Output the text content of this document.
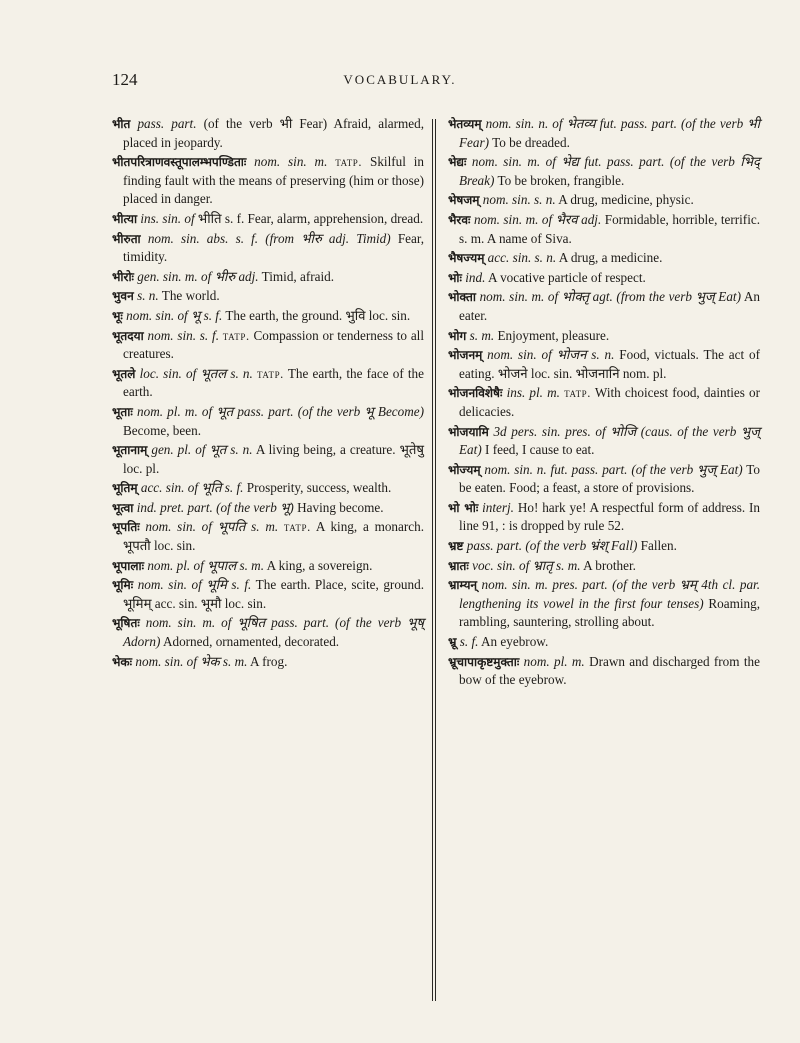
124	VOCABULARY.

भीत pass. part. (of the verb भी Fear) Afraid, alarmed, placed in jeopardy.

भीतपरित्राणवस्तूपालम्भपण्डिताः nom. sin. m. tatp. Skilful in finding fault with the means of preserving (him or those) placed in danger.

भीत्या ins. sin. of भीति s. f. Fear, alarm, apprehension, dread.

भीरुता nom. sin. abs. s. f. (from भीरु adj. Timid) Fear, timidity.

भीरोः gen. sin. m. of भीरु adj. Timid, afraid.

भुवन s. n. The world.

भूः nom. sin. of भू s. f. The earth, the ground. भुवि loc. sin.

भूतदया nom. sin. s. f. tatp. Compassion or tenderness to all creatures.

भूतले loc. sin. of भूतल s. n. tatp. The earth, the face of the earth.

भूताः nom. pl. m. of भूत pass. part. (of the verb भू Become) Become, been.

भूतानाम् gen. pl. of भूत s. n. A living being, a creature. भूतेषु loc. pl.

भूतिम् acc. sin. of भूति s. f. Prosperity, success, wealth.

भूत्वा ind. pret. part. (of the verb भू) Having become.

भूपतिः nom. sin. of भूपति s. m. tatp. A king, a monarch. भूपतौ loc. sin.

भूपालाः nom. pl. of भूपाल s. m. A king, a sovereign.

भूमिः nom. sin. of भूमि s. f. The earth. Place, scite, ground. भूमिम् acc. sin. भूमौ loc. sin.

भूषितः nom. sin. m. of भूषित pass. part. (of the verb भूष् Adorn) Adorned, ornamented, decorated.

भेकः nom. sin. of भेक s. m. A frog.

भेतव्यम् nom. sin. n. of भेतव्य fut. pass. part. (of the verb भी Fear) To be dreaded.

भेद्यः nom. sin. m. of भेद्य fut. pass. part. (of the verb भिद् Break) To be broken, frangible.

भेषजम् nom. sin. s. n. A drug, medicine, physic.

भैरवः nom. sin. m. of भैरव adj. Formidable, horrible, terrific. s. m. A name of Siva.

भैषज्यम् acc. sin. s. n. A drug, a medicine.

भोः ind. A vocative particle of respect.

भोक्ता nom. sin. m. of भोक्तृ agt. (from the verb भुज् Eat) An eater.

भोग s. m. Enjoyment, pleasure.

भोजनम् nom. sin. of भोजन s. n. Food, victuals. The act of eating. भोजने loc. sin. भोजनानि nom. pl.

भोजनविशेषैः ins. pl. m. tatp. With choicest food, dainties or delicacies.

भोजयामि 3d pers. sin. pres. of भोजि (caus. of the verb भुज् Eat) I feed, I cause to eat.

भोज्यम् nom. sin. n. fut. pass. part. (of the verb भुज् Eat) To be eaten. Food; a feast, a store of provisions.

भो भोः interj. Ho! hark ye! A respectful form of address. In line 91, : is dropped by rule 52.

भ्रष्ट pass. part. (of the verb भ्रंश् Fall) Fallen.

भ्रातः voc. sin. of भ्रातृ s. m. A brother.

भ्राम्यन् nom. sin. m. pres. part. (of the verb भ्रम् 4th cl. par. lengthening its vowel in the first four tenses) Roaming, rambling, sauntering, strolling about.

भ्रू s. f. An eyebrow.

भ्रूचापाकृष्टमुक्ताः nom. pl. m. Drawn and discharged from the bow of the eyebrow.
